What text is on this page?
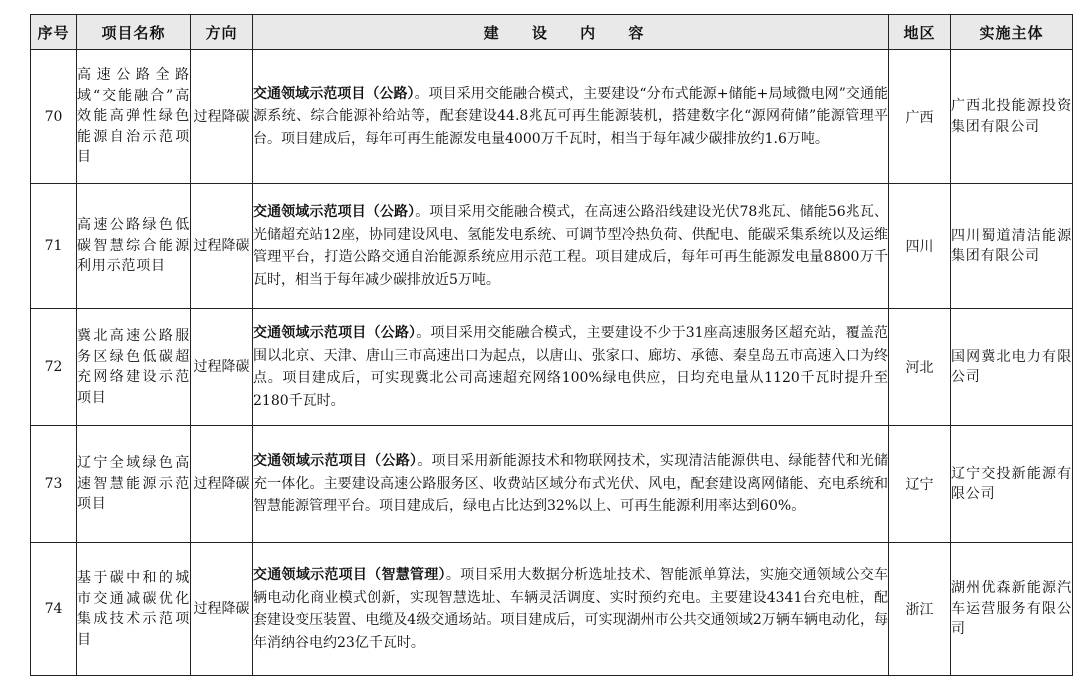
序号	项目名称	方向	建 设 内 容	地区	实施主体
70	高速公路全路域“交能融合”高效能高弹性绿色能源自治示范项目	过程降碳	交通领域示范项目（公路）。项目采用交能融合模式，主要建设“分布式能源+储能+局域微电网”交通能源系统、综合能源补给站等，配套建设44.8兆瓦可再生能源装机，搭建数字化“源网荷储”能源管理平台。项目建成后，每年可再生能源发电量4000万千瓦时，相当于每年减少碳排放约1.6万吨。	广西	广西北投能源投资集团有限公司
71	高速公路绿色低碳智慧综合能源利用示范项目	过程降碳	交通领域示范项目（公路）。项目采用交能融合模式，在高速公路沿线建设光伏78兆瓦、储能56兆瓦、光储超充站12座，协同建设风电、氢能发电系统、可调节型冷热负荷、供配电、能碳采集系统以及运维管理平台，打造公路交通自治能源系统应用示范工程。项目建成后，每年可再生能源发电量8800万千瓦时，相当于每年减少碳排放近5万吨。	四川	四川蜀道清洁能源集团有限公司
72	冀北高速公路服务区绿色低碳超充网络建设示范项目	过程降碳	交通领域示范项目（公路）。项目采用交能融合模式，主要建设不少于31座高速服务区超充站，覆盖范围以北京、天津、唐山三市高速出口为起点，以唐山、张家口、廊坊、承德、秦皇岛五市高速入口为终点。项目建成后，可实现冀北公司高速超充网络100%绿电供应，日均充电量从1120千瓦时提升至2180千瓦时。	河北	国网冀北电力有限公司
73	辽宁全域绿色高速智慧能源示范项目	过程降碳	交通领域示范项目（公路）。项目采用新能源技术和物联网技术，实现清洁能源供电、绿能替代和光储充一体化。主要建设高速公路服务区、收费站区域分布式光伏、风电，配套建设离网储能、充电系统和智慧能源管理平台。项目建成后，绿电占比达到32%以上、可再生能源利用率达到60%。	辽宁	辽宁交投新能源有限公司
74	基于碳中和的城市交通减碳优化集成技术示范项目	过程降碳	交通领域示范项目（智慧管理）。项目采用大数据分析选址技术、智能派单算法，实施交通领域公交车辆电动化商业模式创新，实现智慧选址、车辆灵活调度、实时预约充电。主要建设4341台充电桩，配套建设变压装置、电缆及4级交通场站。项目建成后，可实现湖州市公共交通领域2万辆车辆电动化，每年消纳谷电约23亿千瓦时。	浙江	湖州优森新能源汽车运营服务有限公司
